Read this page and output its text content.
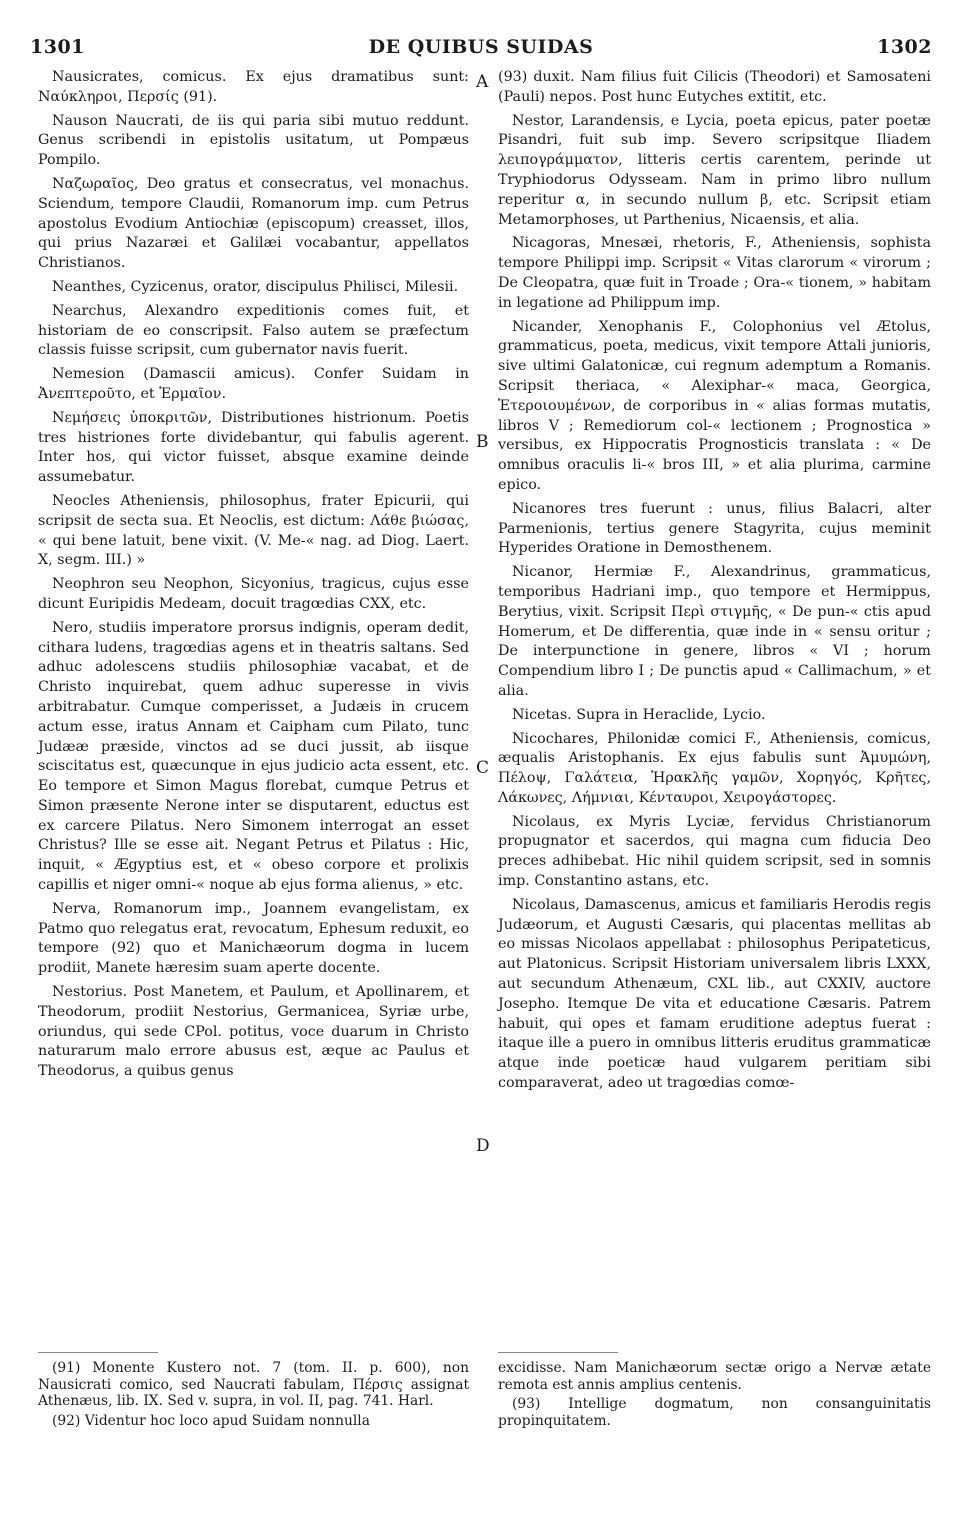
1301	DE QUIBUS SUIDAS	1302
A
B
C
D

Nausicrates, comicus. Ex ejus dramatibus sunt: Ναύκληροι, Περσίς (91).

Nauson Naucrati, de iis qui paria sibi mutuo reddunt. Genus scribendi in epistolis usitatum, ut Pompæus Pompilo.

Ναζωραῖος, Deo gratus et consecratus, vel monachus. Sciendum, tempore Claudii, Romanorum imp. cum Petrus apostolus Evodium Antiochiæ (episcopum) creasset, illos, qui prius Nazaræi et Galilæi vocabantur, appellatos Christianos.

Neanthes, Cyzicenus, orator, discipulus Philisci, Milesii.

Nearchus, Alexandro expeditionis comes fuit, et historiam de eo conscripsit. Falso autem se præfectum classis fuisse scripsit, cum gubernator navis fuerit.

Nemesion (Damascii amicus). Confer Suidam in Ἀνεπτεροῦτο, et Ἑρμαῖον.

Νεμήσεις ὑποκριτῶν, Distributiones histrionum. Poetis tres histriones forte dividebantur, qui fabulis agerent. Inter hos, qui victor fuisset, absque examine deinde assumebatur.

Neocles Atheniensis, philosophus, frater Epicurii, qui scripsit de secta sua. Et Neoclis, est dictum: Λάθε βιώσας, « qui bene latuit, bene vixit. (V. Me-« nag. ad Diog. Laert. X, segm. III.) »

Neophron seu Neophon, Sicyonius, tragicus, cujus esse dicunt Euripidis Medeam, docuit tragœdias CXX, etc.

Nero, studiis imperatore prorsus indignis, operam dedit, cithara ludens, tragœdias agens et in theatris saltans. Sed adhuc adolescens studiis philosophiæ vacabat, et de Christo inquirebat, quem adhuc superesse in vivis arbitrabatur. Cumque comperisset, a Judæis in crucem actum esse, iratus Annam et Caipham cum Pilato, tunc Judææ præside, vinctos ad se duci jussit, ab iisque sciscitatus est, quæcunque in ejus judicio acta essent, etc. Eo tempore et Simon Magus florebat, cumque Petrus et Simon præsente Nerone inter se disputarent, eductus est ex carcere Pilatus. Nero Simonem interrogat an esset Christus? Ille se esse ait. Negant Petrus et Pilatus : Hic, inquit, « Ægyptius est, et « obeso corpore et prolixis capillis et niger omni-« noque ab ejus forma alienus, » etc.

Nerva, Romanorum imp., Joannem evangelistam, ex Patmo quo relegatus erat, revocatum, Ephesum reduxit, eo tempore (92) quo et Manichæorum dogma in lucem prodiit, Manete hæresim suam aperte docente.

Nestorius. Post Manetem, et Paulum, et Apollinarem, et Theodorum, prodiit Nestorius, Germanicea, Syriæ urbe, oriundus, qui sede CPol. potitus, voce duarum in Christo naturarum malo errore abusus est, æque ac Paulus et Theodorus, a quibus genus

(93) duxit. Nam filius fuit Cilicis (Theodori) et Samosateni (Pauli) nepos. Post hunc Eutyches extitit, etc.

Nestor, Larandensis, e Lycia, poeta epicus, pater poetæ Pisandri, fuit sub imp. Severo scripsitque Iliadem λειπογράμματον, litteris certis carentem, perinde ut Tryphiodorus Odysseam. Nam in primo libro nullum reperitur α, in secundo nullum β, etc. Scripsit etiam Metamorphoses, ut Parthenius, Nicaensis, et alia.

Nicagoras, Mnesæi, rhetoris, F., Atheniensis, sophista tempore Philippi imp. Scripsit « Vitas clarorum « virorum ; De Cleopatra, quæ fuit in Troade ; Ora-« tionem, » habitam in legatione ad Philippum imp.

Nicander, Xenophanis F., Colophonius vel Ætolus, grammaticus, poeta, medicus, vixit tempore Attali junioris, sive ultimi Galatonicæ, cui regnum ademptum a Romanis. Scripsit theriaca, « Alexiphar-« maca, Georgica, Ἑτεροιουμένων, de corporibus in « alias formas mutatis, libros V ; Remediorum col-« lectionem ; Prognostica » versibus, ex Hippocratis Prognosticis translata : « De omnibus oraculis li-« bros III, » et alia plurima, carmine epico.

Nicanores tres fuerunt : unus, filius Balacri, alter Parmenionis, tertius genere Stagyrita, cujus meminit Hyperides Oratione in Demosthenem.

Nicanor, Hermiæ F., Alexandrinus, grammaticus, temporibus Hadriani imp., quo tempore et Hermippus, Berytius, vixit. Scripsit Περὶ στιγμῆς, « De pun-« ctis apud Homerum, et De differentia, quæ inde in « sensu oritur ; De interpunctione in genere, libros « VI ; horum Compendium libro I ; De punctis apud « Callimachum, » et alia.

Nicetas. Supra in Heraclide, Lycio.

Nicochares, Philonidæ comici F., Atheniensis, comicus, æqualis Aristophanis. Ex ejus fabulis sunt Ἀμυμώνη, Πέλοψ, Γαλάτεια, Ἡρακλῆς γαμῶν, Χορηγός, Κρῆτες, Λάκωνες, Λήμνιαι, Κένταυροι, Χειρογάστορες.

Nicolaus, ex Myris Lyciæ, fervidus Christianorum propugnator et sacerdos, qui magna cum fiducia Deo preces adhibebat. Hic nihil quidem scripsit, sed in somnis imp. Constantino astans, etc.

Nicolaus, Damascenus, amicus et familiaris Herodis regis Judæorum, et Augusti Cæsaris, qui placentas mellitas ab eo missas Nicolaos appellabat : philosophus Peripateticus, aut Platonicus. Scripsit Historiam universalem libris LXXX, aut secundum Athenæum, CXL lib., aut CXXIV, auctore Josepho. Itemque De vita et educatione Cæsaris. Patrem habuit, qui opes et famam eruditione adeptus fuerat : itaque ille a puero in omnibus litteris eruditus grammaticæ atque inde poeticæ haud vulgarem peritiam sibi comparaverat, adeo ut tragœdias comœ-

(91) Monente Kustero not. 7 (tom. II. p. 600), non Nausicrati comico, sed Naucrati fabulam, Πέρσις assignat Athenæus, lib. IX. Sed v. supra, in vol. II, pag. 741. Harl.

(92) Videntur hoc loco apud Suidam nonnulla

excidisse. Nam Manichæorum sectæ origo a Nervæ ætate remota est annis amplius centenis.

(93) Intellige dogmatum, non consanguinitatis propinquitatem.
